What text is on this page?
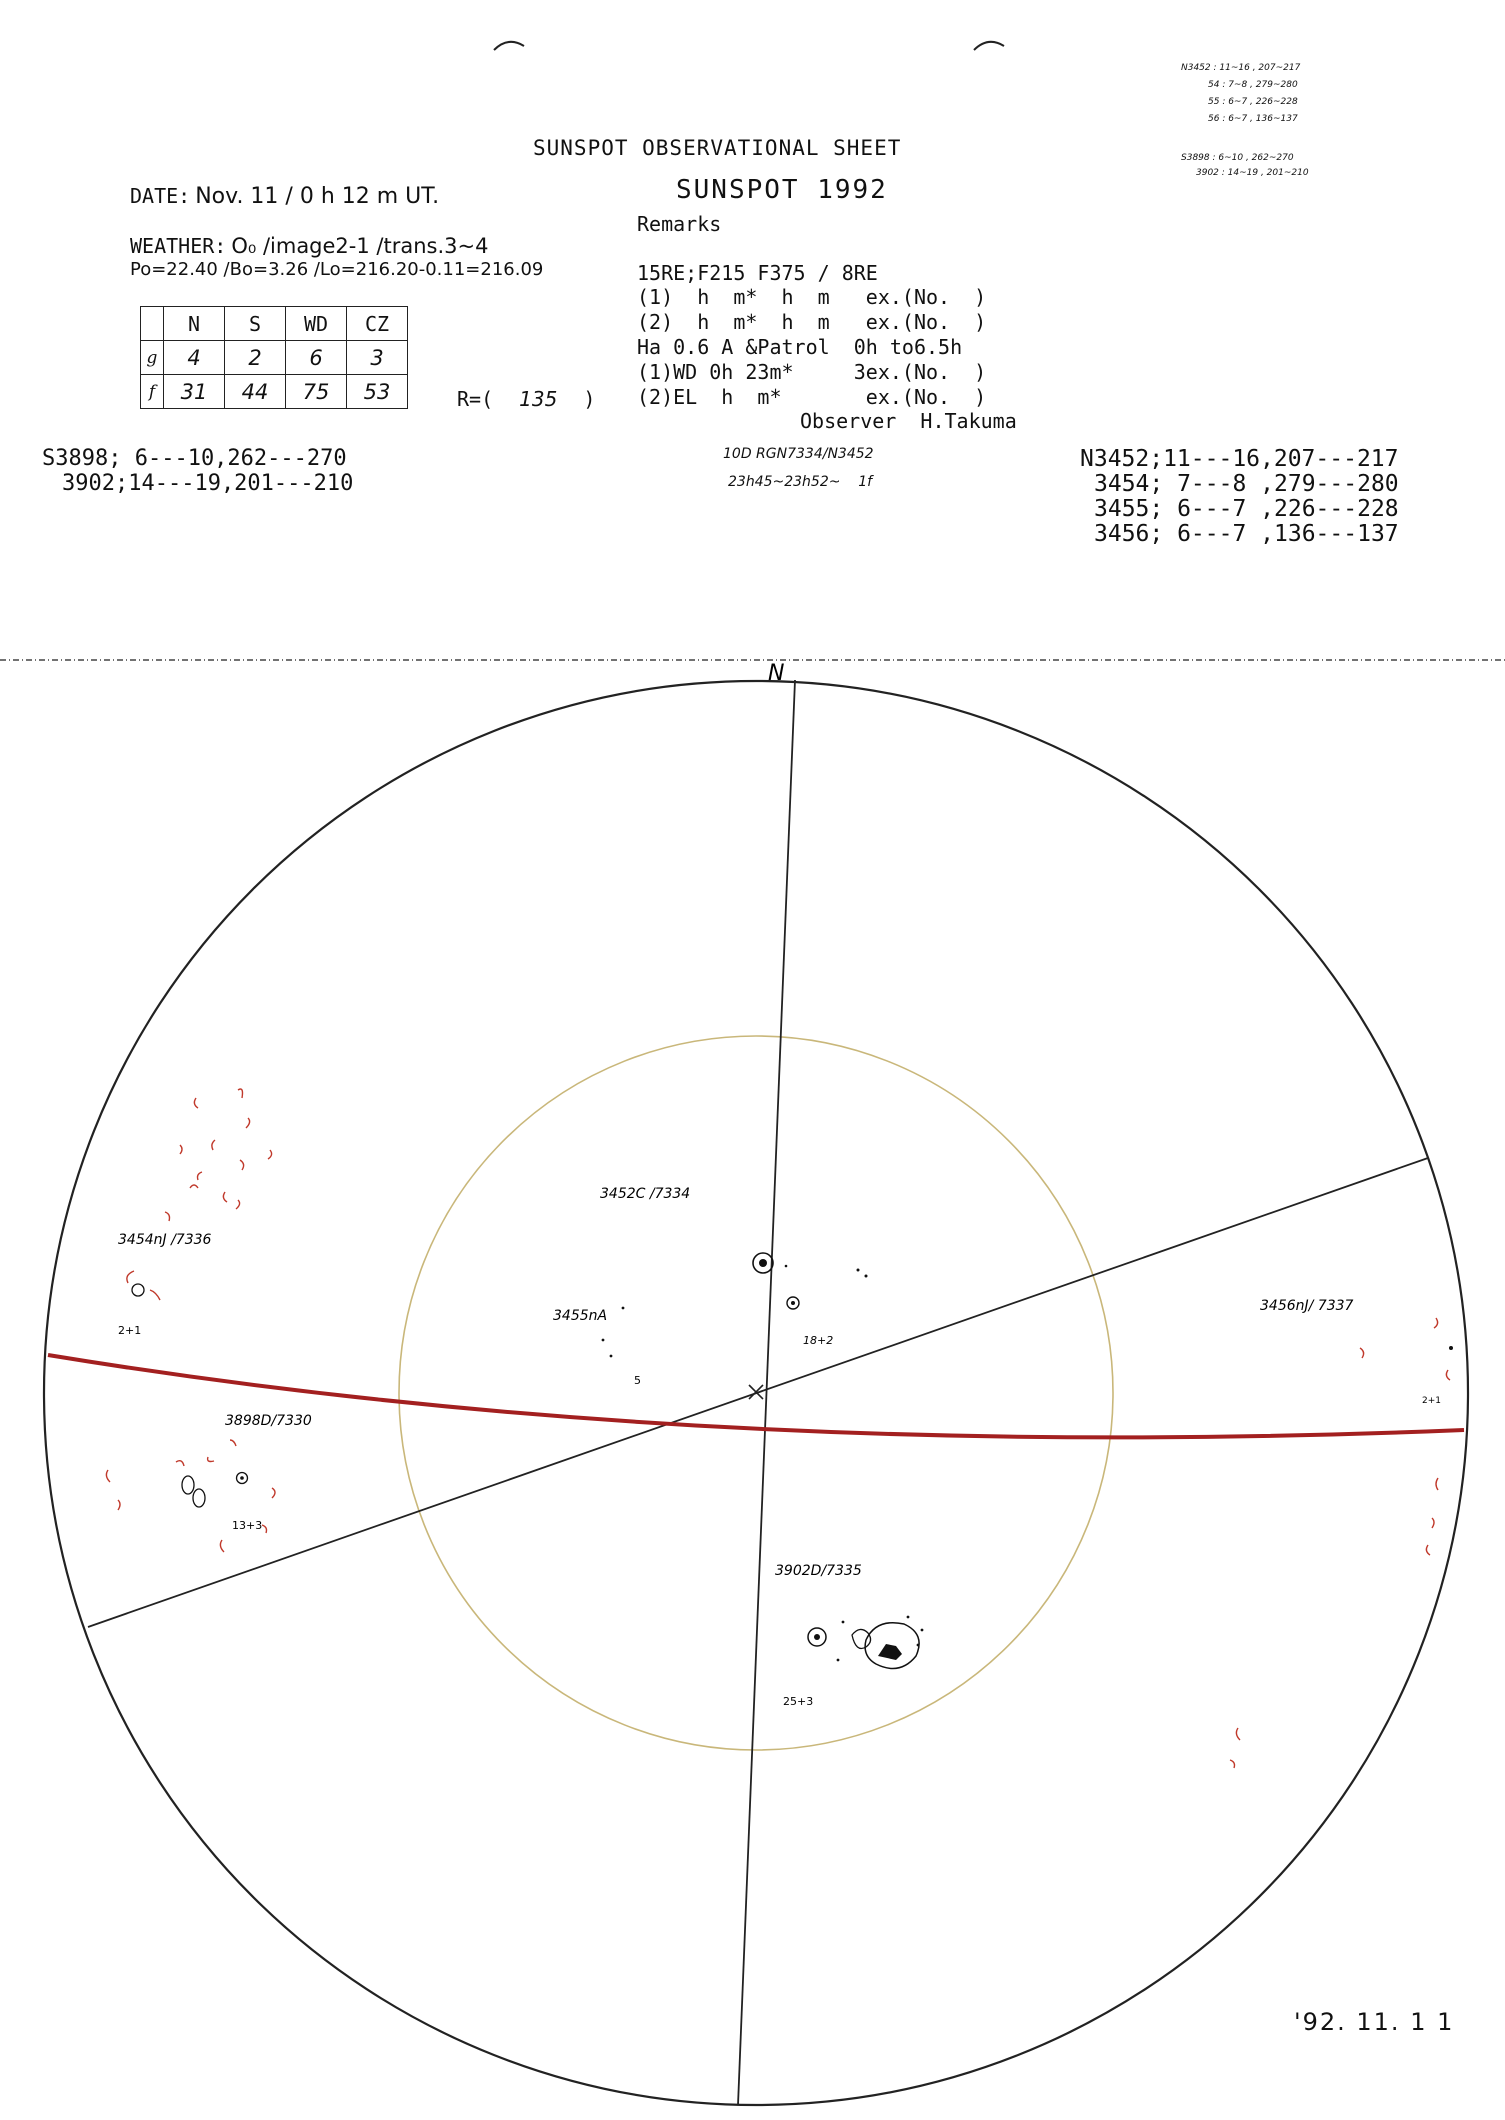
SUNSPOT OBSERVATIONAL SHEET
SUNSPOT 1992
Remarks
DATE: Nov. 11 / 0 h 12 m UT.
WEATHER: O₀ /image2-1 /trans.3~4
Po=22.40 /Bo=3.26 /Lo=216.20-0.11=216.09
	N	S	WD	CZ
g	4	2	6	3
f	31	44	75	53	R=( 135 )
15RE;F215 F375 / 8RE
(1)  h  m*  h  m   ex.(No.  )
(2)  h  m*  h  m   ex.(No.  )
Ha 0.6 A &Patrol  0h to6.5h
(1)WD 0h 23m*     3ex.(No.  )
(2)EL  h  m*       ex.(No.  )
Observer  H.Takuma
10D RGN7334/N3452
23h45~23h52~    1f
S3898; 6---10,262---270
3902;14---19,201---210
N3452;11---16,207---217
3454; 7---8 ,279---280
3455; 6---7 ,226---228
3456; 6---7 ,136---137
N3452 : 11~16 , 207~217
54 : 7~8 , 279~280
55 : 6~7 , 226~228
56 : 6~7 , 136~137
S3898 : 6~10 , 262~270
3902 : 14~19 , 201~210
N
3452C /7334
18+2
3455nA
5
3454nJ /7336
2+1
3898D/7330
13+3
3902D/7335
25+3
3456nJ/ 7337
2+1
'92. 11. 1 1
